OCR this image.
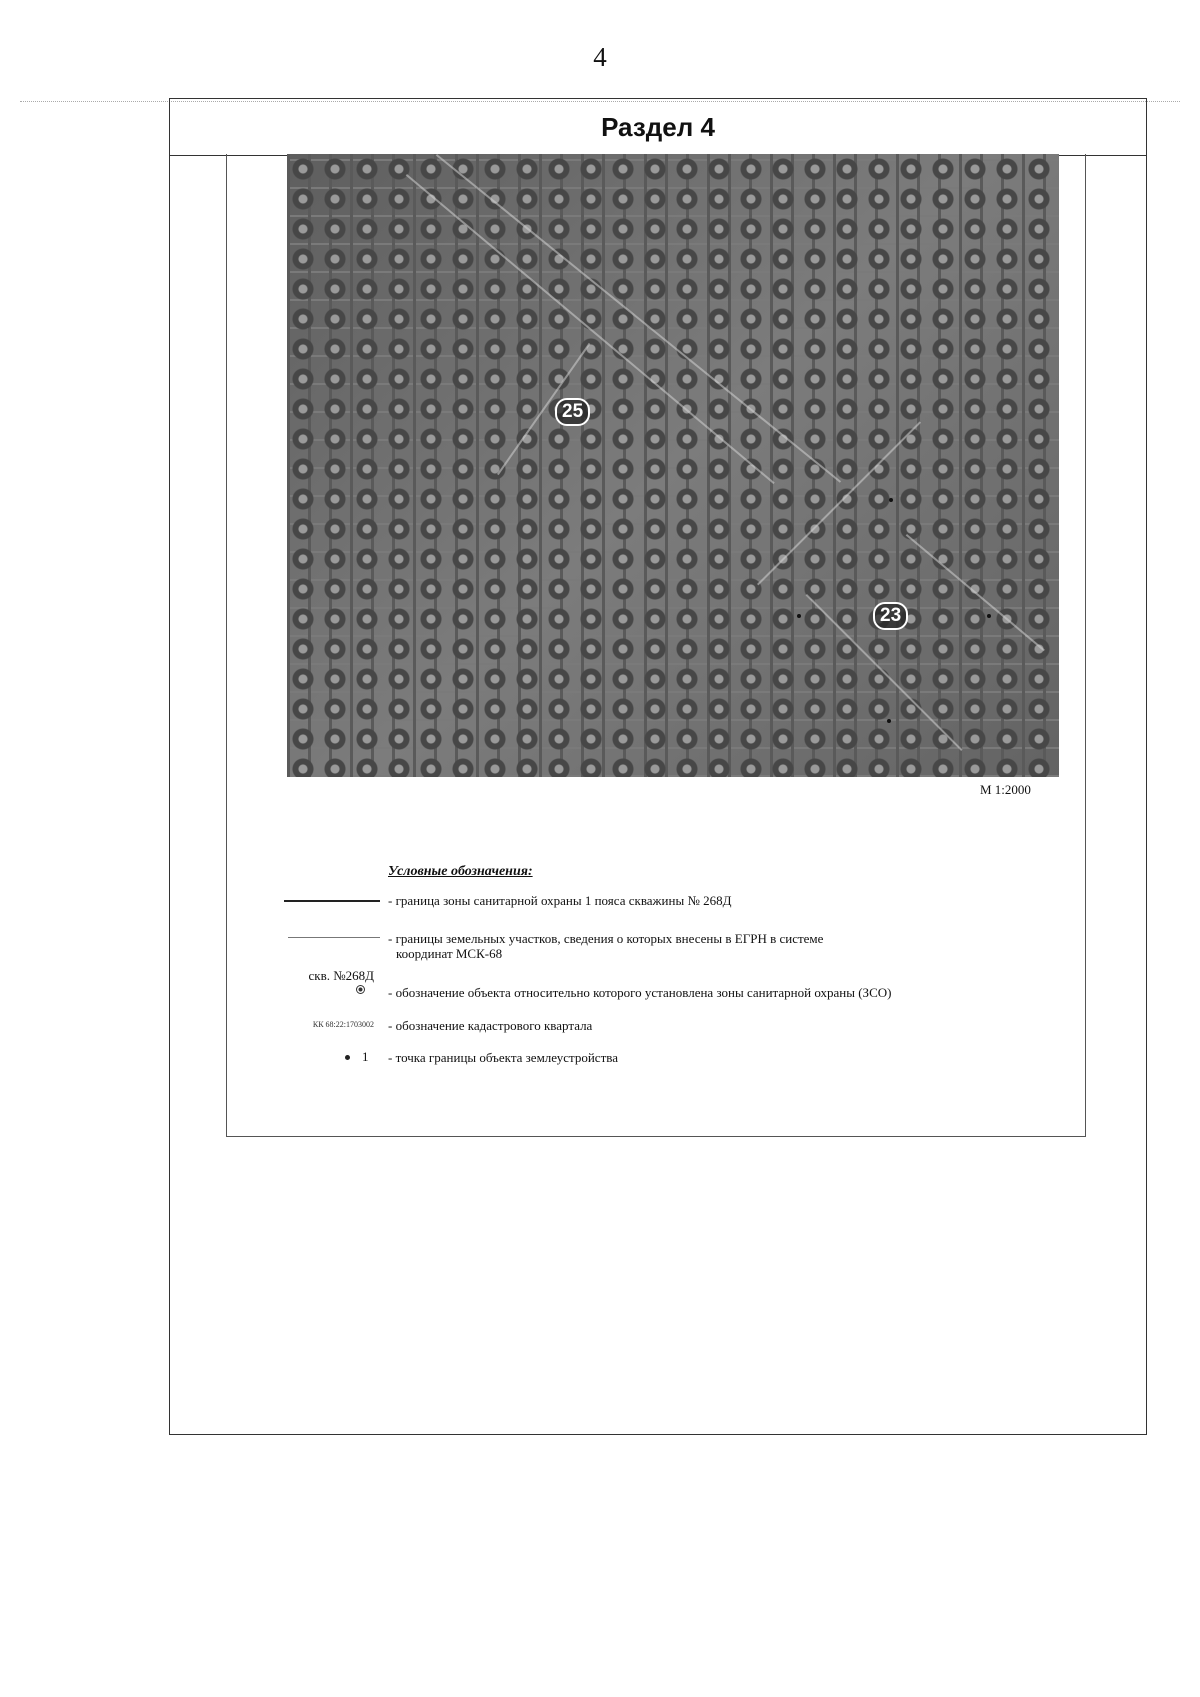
4
Раздел 4
25
23
М 1:2000
Условные обозначения:
- граница зоны санитарной охраны 1 пояса скважины № 268Д
- границы земельных участков, сведения о которых внесены в ЕГРН в системе
координат МСК-68
скв. №268Д
- обозначение объекта относительно которого установлена зоны санитарной охраны (ЗСО)
КК 68:22:1703002 - обозначение кадастрового квартала
1 - точка границы объекта землеустройства
